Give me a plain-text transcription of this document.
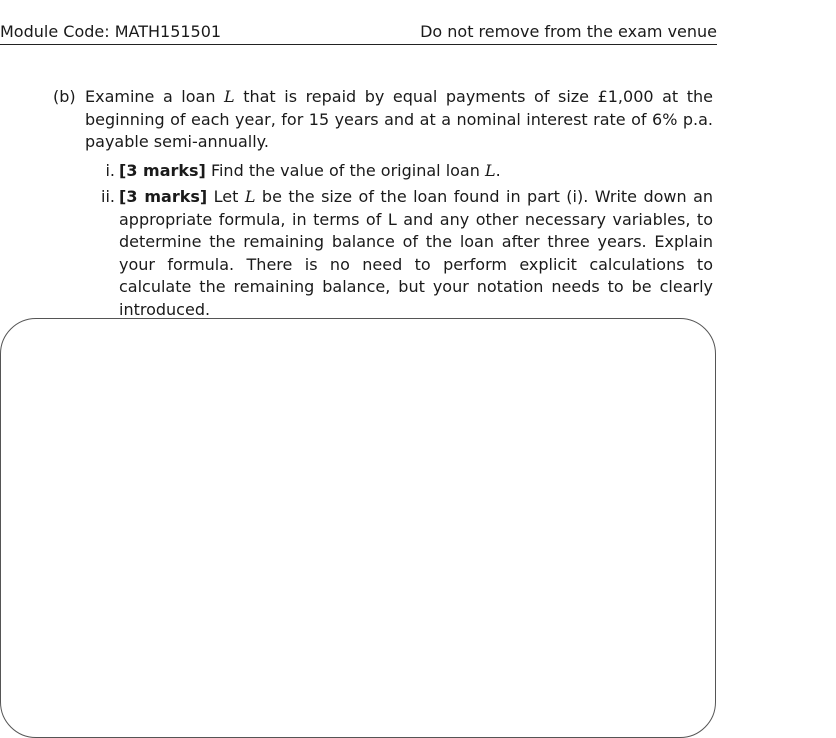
Module Code: MATH151501	Do not remove from the exam venue
(b) Examine a loan L that is repaid by equal payments of size £1,000 at the beginning of each year, for 15 years and at a nominal interest rate of 6% p.a. payable semi-annually.
i. [3 marks] Find the value of the original loan L.
ii. [3 marks] Let L be the size of the loan found in part (i). Write down an appropriate formula, in terms of L and any other necessary variables, to determine the remaining balance of the loan after three years. Explain your formula. There is no need to perform explicit calculations to calculate the remaining balance, but your notation needs to be clearly introduced.
